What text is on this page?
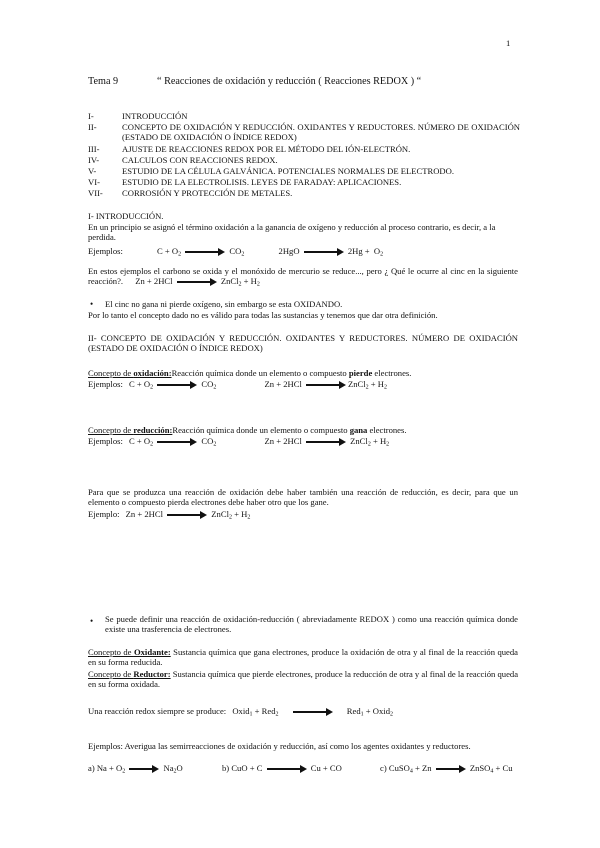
1
Tema 9	“ Reacciones de oxidación y reducción ( Reacciones REDOX ) “
I-	INTRODUCCIÓN
II-	CONCEPTO DE OXIDACIÓN Y REDUCCIÓN. OXIDANTES Y REDUCTORES. NÚMERO DE OXIDACIÓN (ESTADO DE OXIDACIÓN O ÍNDICE REDOX)
III-	AJUSTE DE REACCIONES REDOX POR EL MÉTODO DEL IÓN-ELECTRÓN.
IV-	CALCULOS CON REACCIONES REDOX.
V-	ESTUDIO DE LA CÉLULA GALVÁNICA. POTENCIALES NORMALES DE ELECTRODO.
VI-	ESTUDIO DE LA ELECTROLISIS. LEYES DE FARADAY: APLICACIONES.
VII- CORROSIÓN Y PROTECCIÓN DE METALES.
I- INTRODUCCIÓN.
En un principio se asignó el término oxidación a la ganancia de oxígeno y reducción al proceso contrario, es decir, a la perdida.
Ejemplos:	$C + O_2$	$CO_2$	2HgO	$2Hg + O_2$
En estos ejemplos el carbono se oxida y el monóxido de mercurio se reduce..., pero ¿ Qué le ocurre al cinc en la siguiente reacción?. Zn + 2HCl	ZnCl$_2$ + $H_2$
• El cinc no gana ni pierde oxígeno, sin embargo se esta OXIDANDO.
Por lo tanto el concepto dado no es válido para todas las sustancias y tenemos que dar otra definición.
II- CONCEPTO DE OXIDACIÓN Y REDUCCIÓN. OXIDANTES Y REDUCTORES. NÚMERO DE OXIDACIÓN (ESTADO DE OXIDACIÓN O ÍNDICE REDOX)
Concepto de oxidación:Reacción química donde un elemento o compuesto pierde electrones.
Ejemplos: $C + O_2$	$CO_2$	Zn + 2HCl	ZnCl$_2$ + $H_2$
Concepto de reducción:Reacción química donde un elemento o compuesto gana electrones.
Ejemplos: $C + O_2$	$CO_2$	Zn + 2HCl	ZnCl$_2$ + $H_2$
Para que se produzca una reacción de oxidación debe haber también una reacción de reducción, es decir, para que un elemento o compuesto pierda electrones debe haber otro que los gane.
Ejemplo: Zn + 2HCl	ZnCl$_2$ + $H_2$
• Se puede definir una reacción de oxidación-reducción ( abreviadamente REDOX ) como una reacción química donde existe una trasferencia de electrones.
Concepto de Oxidante: Sustancia química que gana electrones, produce la oxidación de otra y al final de la reacción queda en su forma reducida.
Concepto de Reductor: Sustancia química que pierde electrones, produce la reducción de otra y al final de la reacción queda en su forma oxidada.
Una reacción redox siempre se produce: Oxid$_1$ + Red$_2$	Red$_1$ + Oxid$_2$
Ejemplos: Averigua las semirreacciones de oxidación y reducción, así como los agentes oxidantes y reductores.
a) $Na + O_2$	$Na_2O$	b) CuO + C	Cu + CO	c) CuSO$_4$ + Zn	ZnSO$_4$ + Cu
